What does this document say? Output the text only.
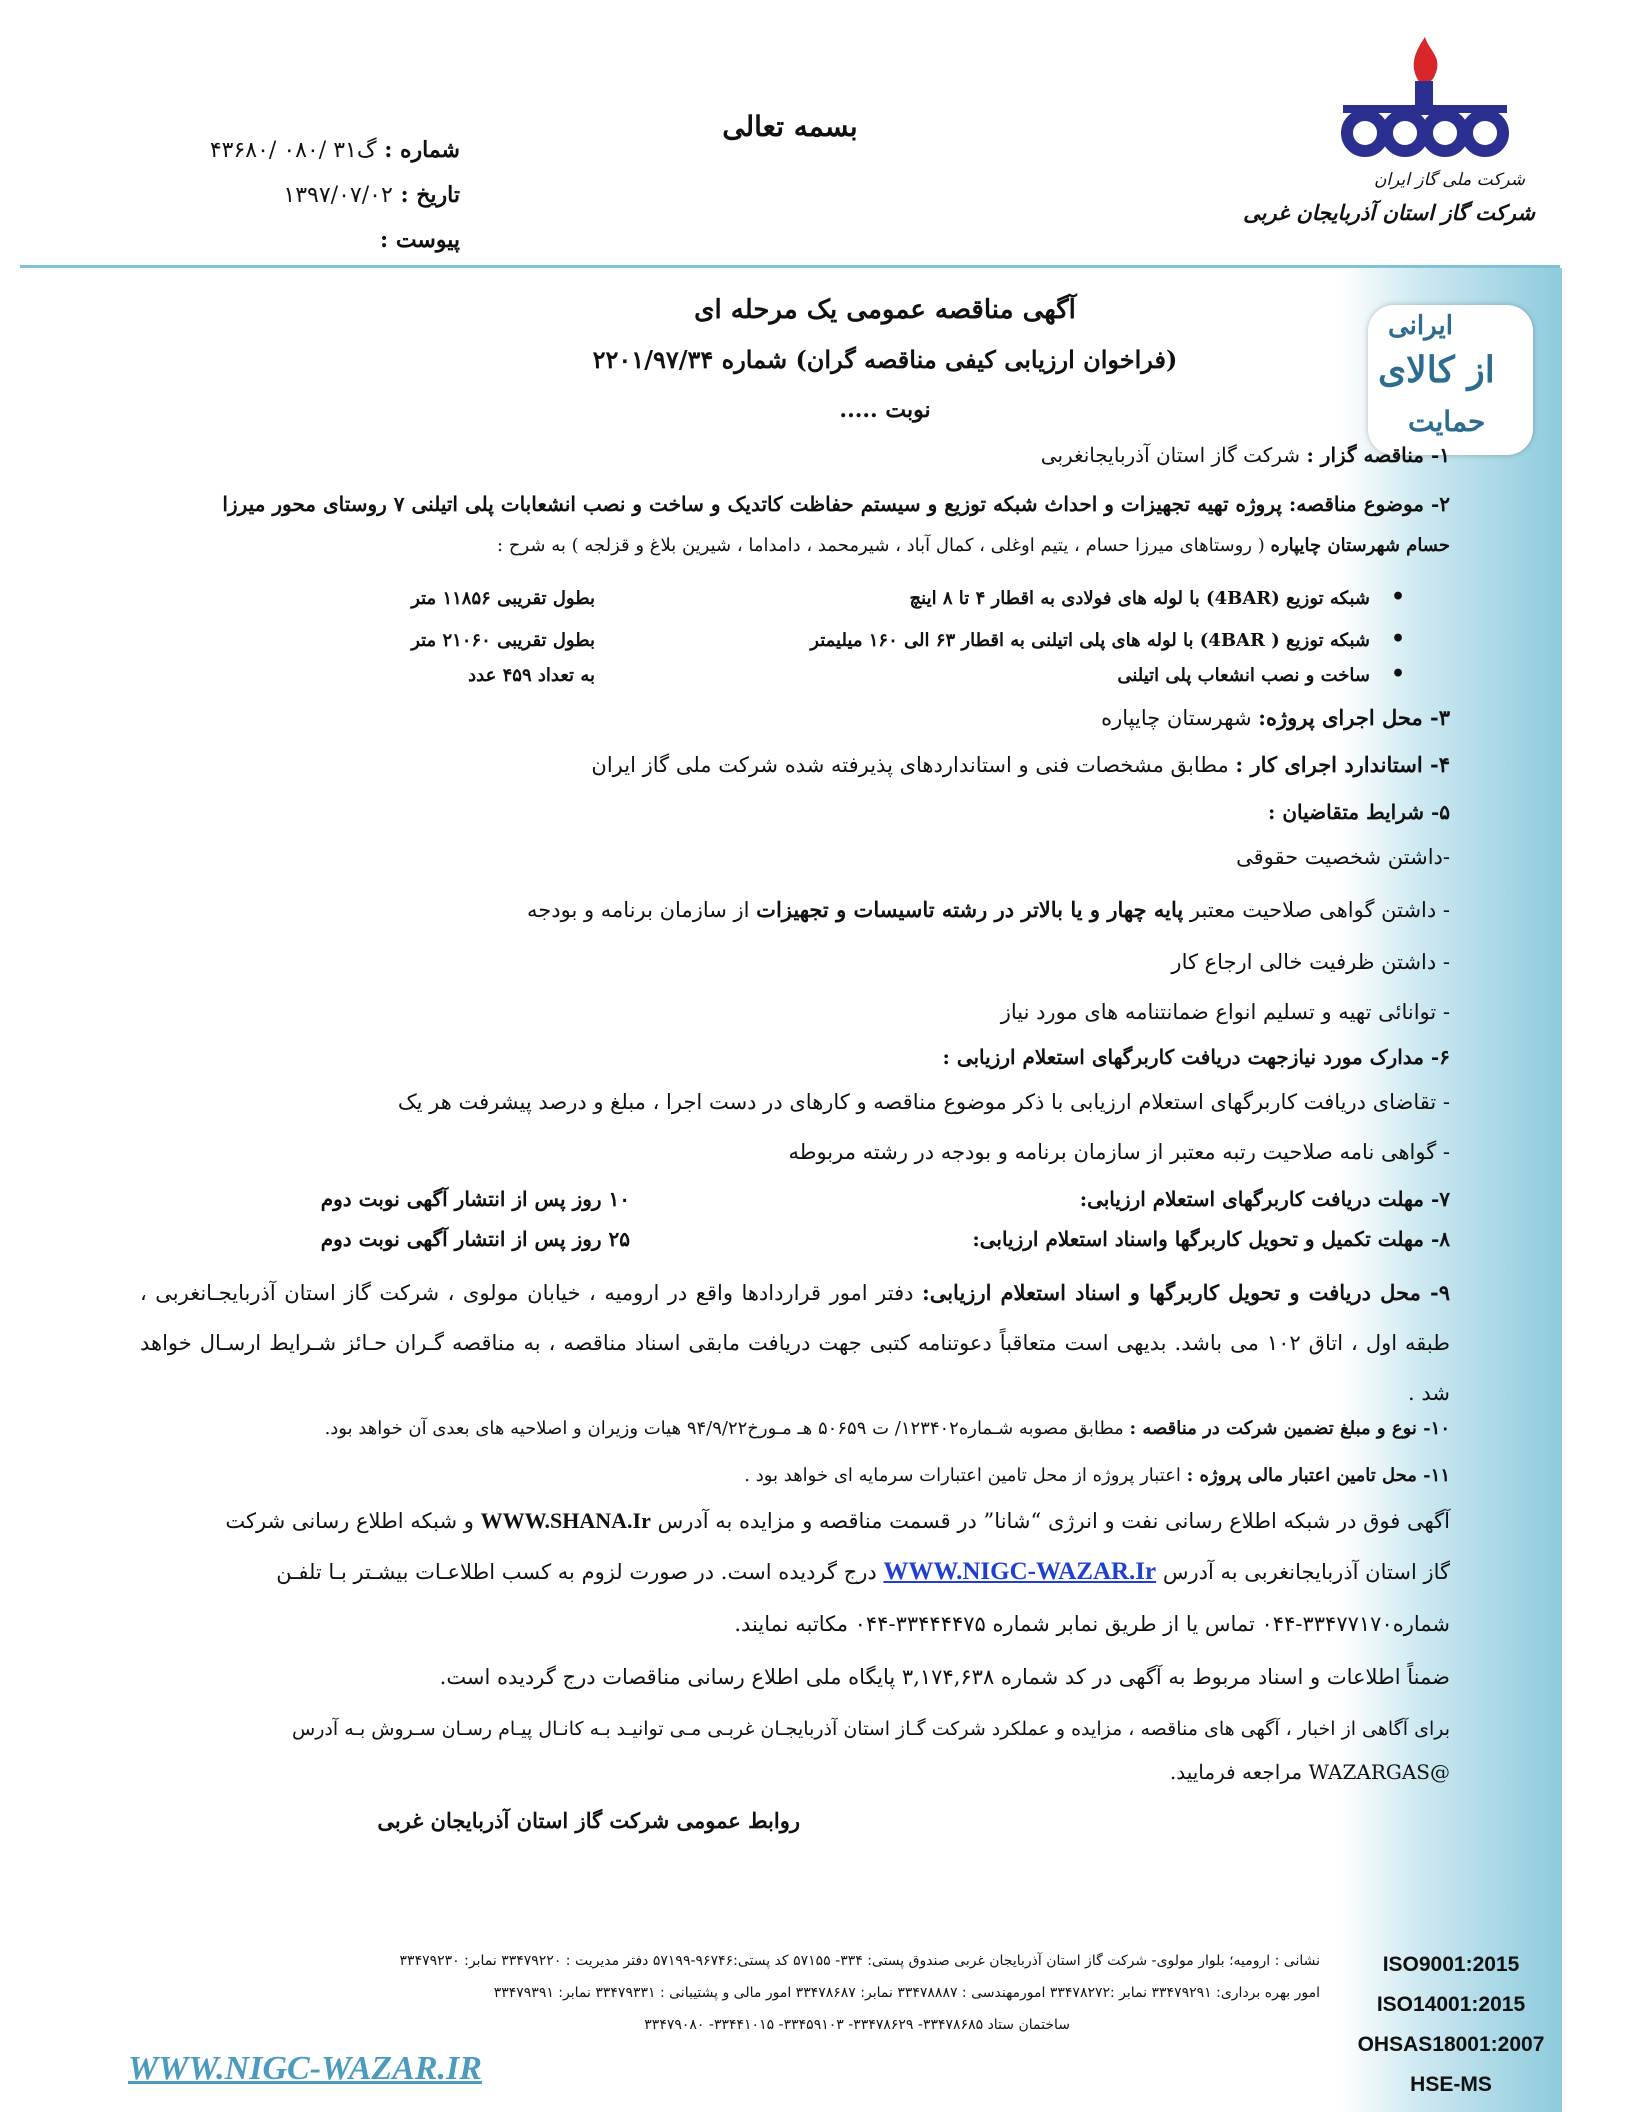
شرکت ملی گاز ایران
شرکت گاز استان آذربایجان غربی
بسمه تعالی
شماره : گ۳۱ /۰۸۰ /۴۳۶۸۰
تاریخ : ۱۳۹۷/۰۷/۰۲
پیوست :
ایرانی
از کالای
حمایت
آگهی مناقصه عمومی یک مرحله ای
(فراخوان ارزیابی کیفی مناقصه گران) شماره ۲۲۰۱/۹۷/۳۴
نوبت .....
۱- مناقصه گزار : شرکت گاز استان آذربایجانغربی
۲- موضوع مناقصه: پروژه تهیه تجهیزات و احداث شبکه توزیع و سیستم حفاظت کاتدیک و ساخت و نصب انشعابات پلی اتیلنی ۷ روستای محور میرزا
حسام شهرستان چایپاره ( روستاهای میرزا حسام ، یتیم اوغلی ، کمال آباد ، شیرمحمد ، دامداما ، شیرین بلاغ و قزلجه ) به شرح :
•
شبکه توزیع (4BAR) با لوله های فولادی به اقطار ۴ تا ۸ اینچ
بطول تقریبی ۱۱۸۵۶ متر
•
شبکه توزیع ( 4BAR) با لوله های پلی اتیلنی به اقطار ۶۳ الی ۱۶۰ میلیمتر
بطول تقریبی ۲۱۰۶۰ متر
•
ساخت و نصب انشعاب پلی اتیلنی
به تعداد ۴۵۹ عدد
۳- محل اجرای پروژه: شهرستان چایپاره
۴- استاندارد اجرای کار : مطابق مشخصات فنی و استانداردهای پذیرفته شده شرکت ملی گاز ایران
۵- شرایط متقاضیان :
-داشتن شخصیت حقوقی
- داشتن گواهی صلاحیت معتبر پایه چهار و یا بالاتر در رشته تاسیسات و تجهیزات از سازمان برنامه و بودجه
- داشتن ظرفیت خالی ارجاع کار
- توانائی تهیه و تسلیم انواع ضمانتنامه های مورد نیاز
۶- مدارک مورد نیازجهت دریافت کاربرگهای استعلام ارزیابی :
- تقاضای دریافت کاربرگهای استعلام ارزیابی با ذکر موضوع مناقصه و کارهای در دست اجرا ، مبلغ و درصد پیشرفت هر یک
- گواهی نامه صلاحیت رتبه معتبر از سازمان برنامه و بودجه در رشته مربوطه
۷- مهلت دریافت کاربرگهای استعلام ارزیابی:
۱۰ روز پس از انتشار آگهی نوبت دوم
۸- مهلت تکمیل و تحویل کاربرگها واسناد استعلام ارزیابی:
۲۵ روز پس از انتشار آگهی نوبت دوم
۹- محل دریافت و تحویل کاربرگها و اسناد استعلام ارزیابی: دفتر امور قراردادها واقع در ارومیه ، خیابان مولوی ، شرکت گاز استان آذربایجـانغربی ، طبقه اول ، اتاق ۱۰۲ می باشد. بدیهی است متعاقباً دعوتنامه کتبی جهت دریافت مابقی اسناد مناقصه ، به مناقصه گـران حـائز شـرایط ارسـال خواهد شد .
۱۰- نوع و مبلغ تضمین شرکت در مناقصه : مطابق مصوبه شـماره۱۲۳۴۰۲/ ت ۵۰۶۵۹ هـ مـورخ۹۴/۹/۲۲ هیات وزیران و اصلاحیه های بعدی آن خواهد بود.
۱۱- محل تامین اعتبار مالی پروژه : اعتبار پروژه از محل تامین اعتبارات سرمایه ای خواهد بود .
آگهی فوق در شبکه اطلاع رسانی نفت و انرژی “شانا” در قسمت مناقصه و مزایده به آدرس WWW.SHANA.Ir و شبکه اطلاع رسانی شرکت
گاز استان آذربایجانغربی به آدرس WWW.NIGC-WAZAR.Ir درج گردیده است. در صورت لزوم به کسب اطلاعـات بیشـتر بـا تلفـن
شماره۳۳۴۷۷۱۷۰-۰۴۴ تماس یا از طریق نمابر شماره ۳۳۴۴۴۴۷۵-۰۴۴ مکاتبه نمایند.
ضمناً اطلاعات و اسناد مربوط به آگهی در کد شماره ۳,۱۷۴,۶۳۸ پایگاه ملی اطلاع رسانی مناقصات درج گردیده است.
برای آگاهی از اخبار ، آگهی های مناقصه ، مزایده و عملکرد شرکت گـاز استان آذربایجـان غربـی مـی توانیـد بـه کانـال پیـام رسـان سـروش بـه آدرس
@WAZARGAS مراجعه فرمایید.
روابط عمومی شرکت گاز استان آذربایجان غربی
نشانی : ارومیه؛ بلوار مولوی- شرکت گاز استان آذربایجان غربی صندوق پستی: ۳۳۴- ۵۷۱۵۵ کد پستی:۹۶۷۴۶-۵۷۱۹۹ دفتر مدیریت : ۳۳۴۷۹۲۲۰ نمابر: ۳۳۴۷۹۲۳۰
امور بهره برداری: ۳۳۴۷۹۲۹۱ نمابر :۳۳۴۷۸۲۷۲ امورمهندسی : ۳۳۴۷۸۸۸۷ نمابر: ۳۳۴۷۸۶۸۷ امور مالی و پشتیبانی : ۳۳۴۷۹۳۳۱ نمابر: ۳۳۴۷۹۳۹۱
ساختمان ستاد ۳۳۴۷۸۶۸۵- ۳۳۴۷۸۶۲۹- ۳۳۴۵۹۱۰۳- ۳۳۴۴۱۰۱۵- ۳۳۴۷۹۰۸۰
WWW.NIGC-WAZAR.IR
ISO9001:2015
ISO14001:2015
OHSAS18001:2007
HSE-MS
